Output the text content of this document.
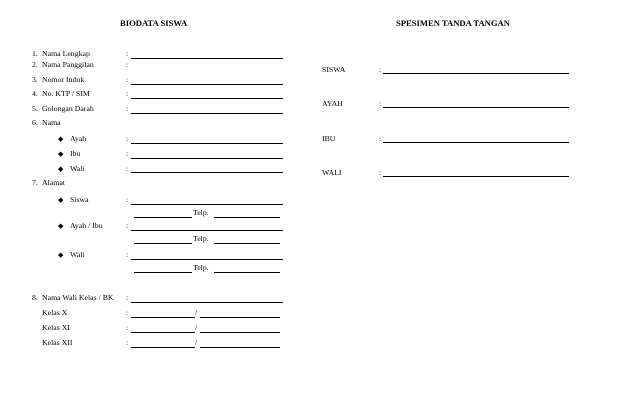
BIODATA SISWA
1. Nama Lengkap	:
2. Nama Panggilan	:
3. Nomor Induk	:
4. No. KTP / SIM	:
5. Golongan Darah	:
6. Nama
◆ Ayah	:
◆ Ibu	:
◆ Wali	:
7. Alamat
◆ Siswa	:
Telp.
◆ Ayah / Ibu	:
Telp.
◆ Wali	:
Telp.
8. Nama Wali Kelas / BK :
Kelas X	:	/
Kelas XI	:	/
Kelas XII	:	/
SPESIMEN TANDA TANGAN
SISWA	:
AYAH	:
IBU	:
WALI	:
